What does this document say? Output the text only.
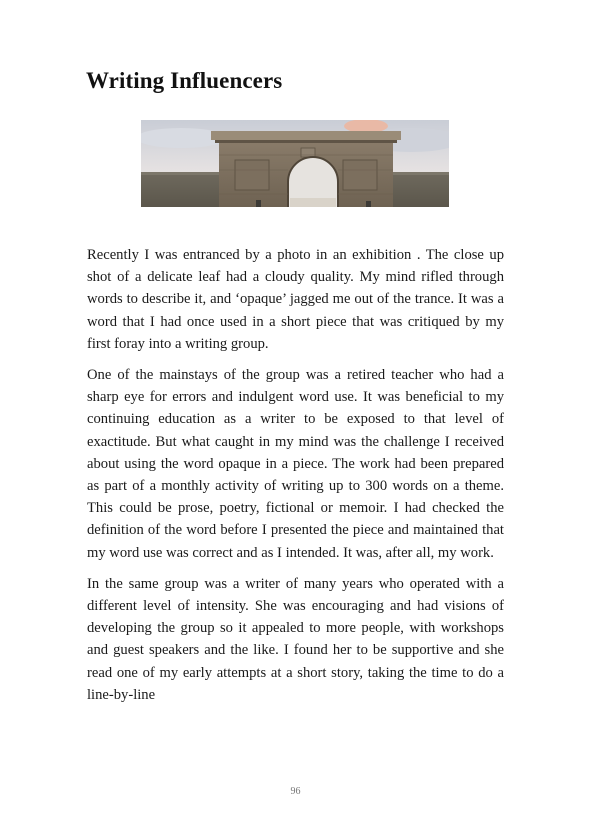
Writing Influencers

Recently I was entranced by a photo in an exhibition . The close up shot of a delicate leaf had a cloudy quality. My mind rifled through words to describe it, and ‘opaque’ jagged me out of the trance. It was a word that I had once used in a short piece that was critiqued by my first foray into a writing group.

One of the mainstays of the group was a retired teacher who had a sharp eye for errors and indulgent word use. It was beneficial to my continuing education as a writer to be exposed to that level of exactitude. But what caught in my mind was the challenge I received about using the word opaque in a piece. The work had been prepared as part of a monthly activity of writing up to 300 words on a theme. This could be prose, poetry, fictional or memoir. I had checked the definition of the word before I presented the piece and maintained that my word use was correct and as I intended. It was, after all, my work.

In the same group was a writer of many years who operated with a different level of intensity. She was encouraging and had visions of developing the group so it appealed to more people, with workshops and guest speakers and the like. I found her to be supportive and she read one of my early attempts at a short story, taking the time to do a line-by-line

96
